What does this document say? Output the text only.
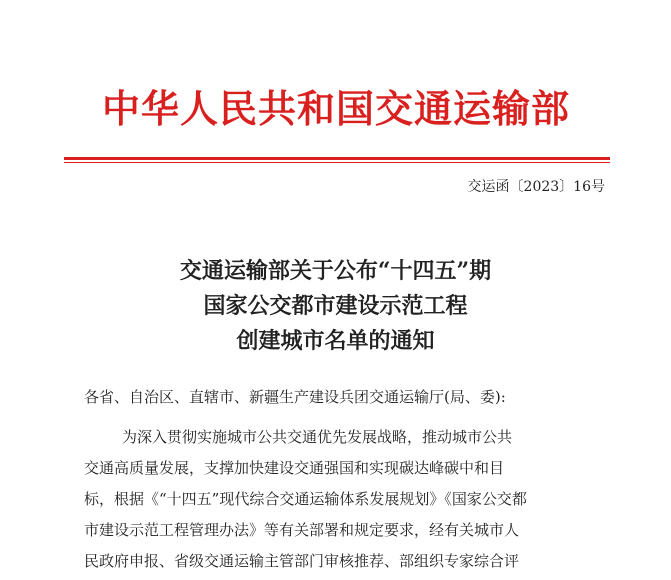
中华人民共和国交通运输部
交运函〔2023〕16号
交通运输部关于公布“十四五”期
国家公交都市建设示范工程
创建城市名单的通知
各省、自治区、直辖市、新疆生产建设兵团交通运输厅(局、委):
为深入贯彻实施城市公共交通优先发展战略，推动城市公共
交通高质量发展，支撑加快建设交通强国和实现碳达峰碳中和目
标，根据《“十四五”现代综合交通运输体系发展规划》《国家公交都
市建设示范工程管理办法》等有关部署和规定要求，经有关城市人
民政府申报、省级交通运输主管部门审核推荐、部组织专家综合评
